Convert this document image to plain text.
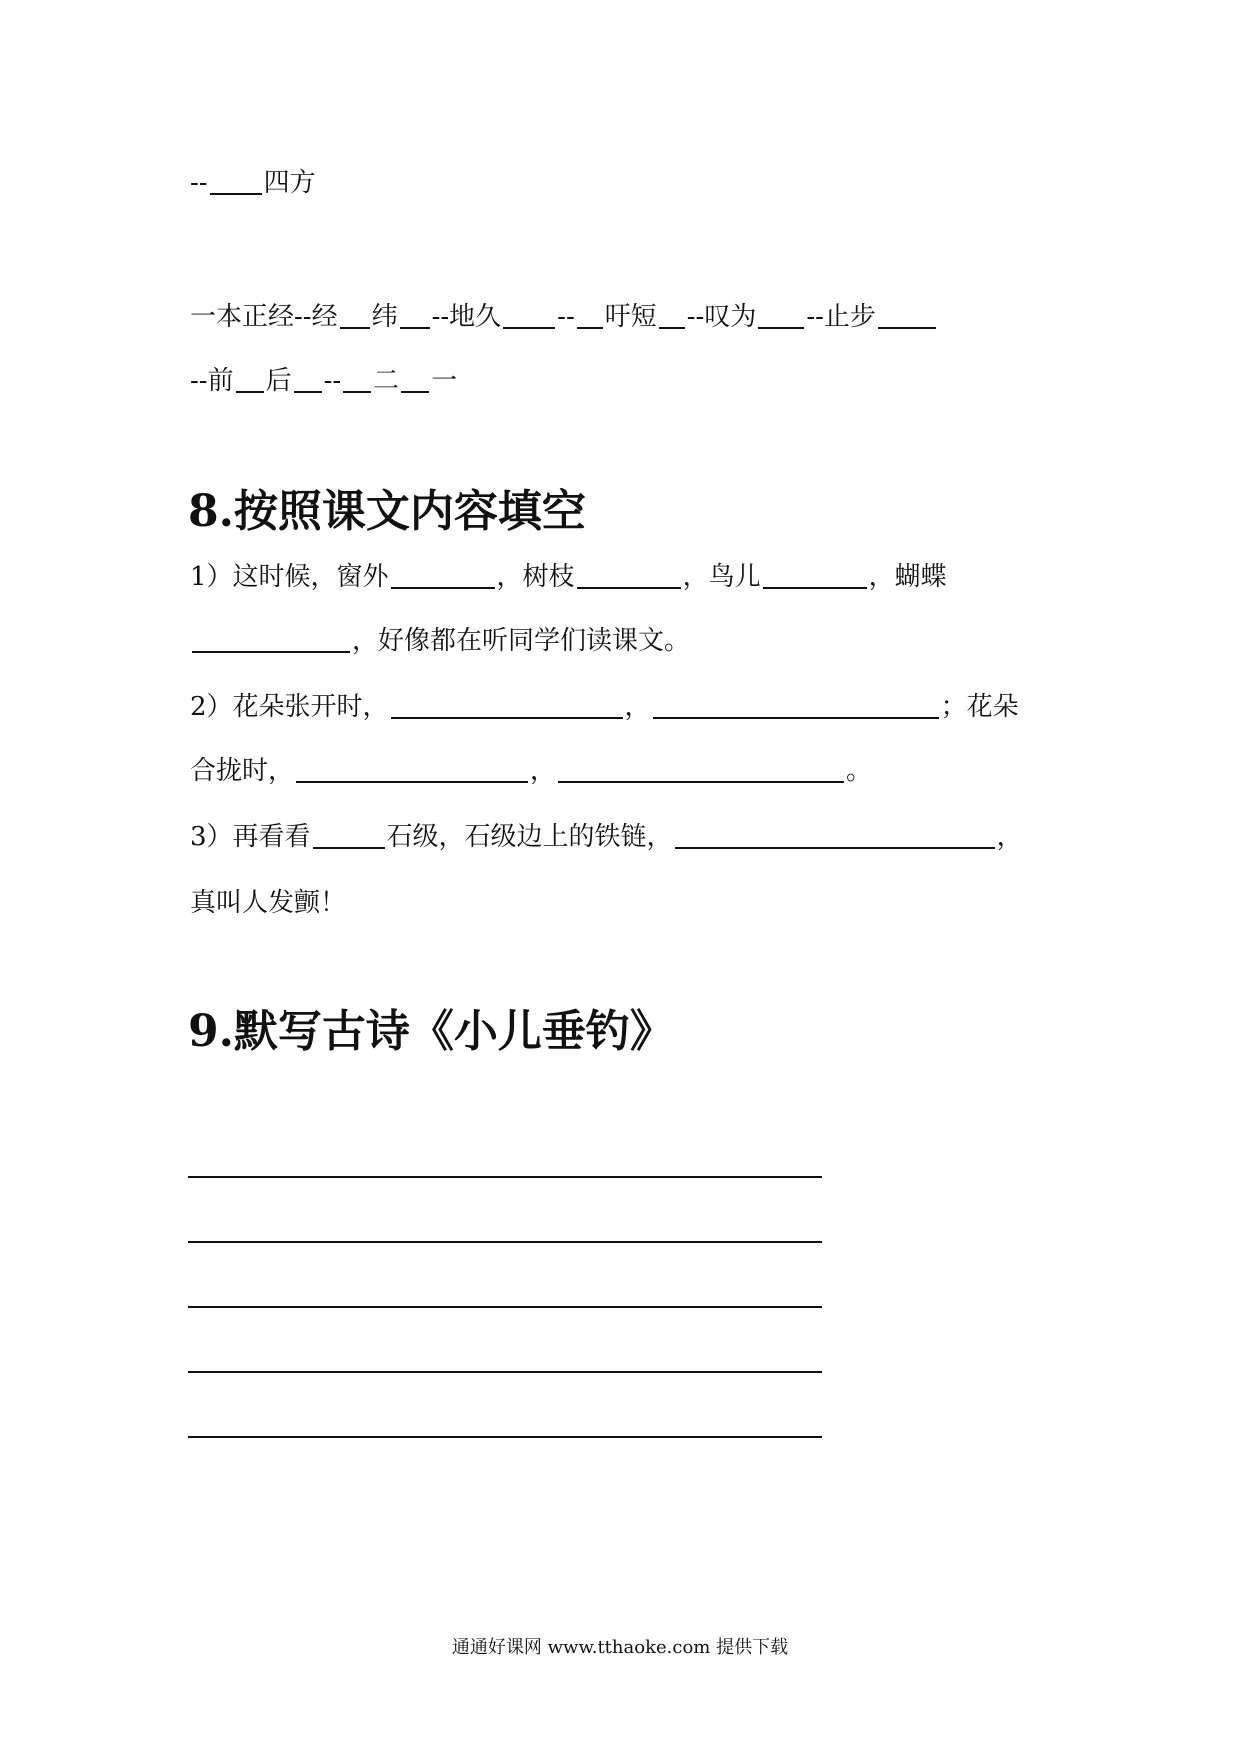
-- 四方
一本正经--经 纬 --地久 -- 吁短 --叹为 --止步
--前 后 -- 二 一
8.按照课文内容填空
1）这时候，窗外	，树枝	，鸟儿	，蝴蝶
，好像都在听同学们读课文。
2）花朵张开时，	，	；花朵
合拢时，	，	。
3）再看看	石级，石级边上的铁链，	，
真叫人发颤！
9.默写古诗《小儿垂钓》
通通好课网 www.tthaoke.com 提供下载
